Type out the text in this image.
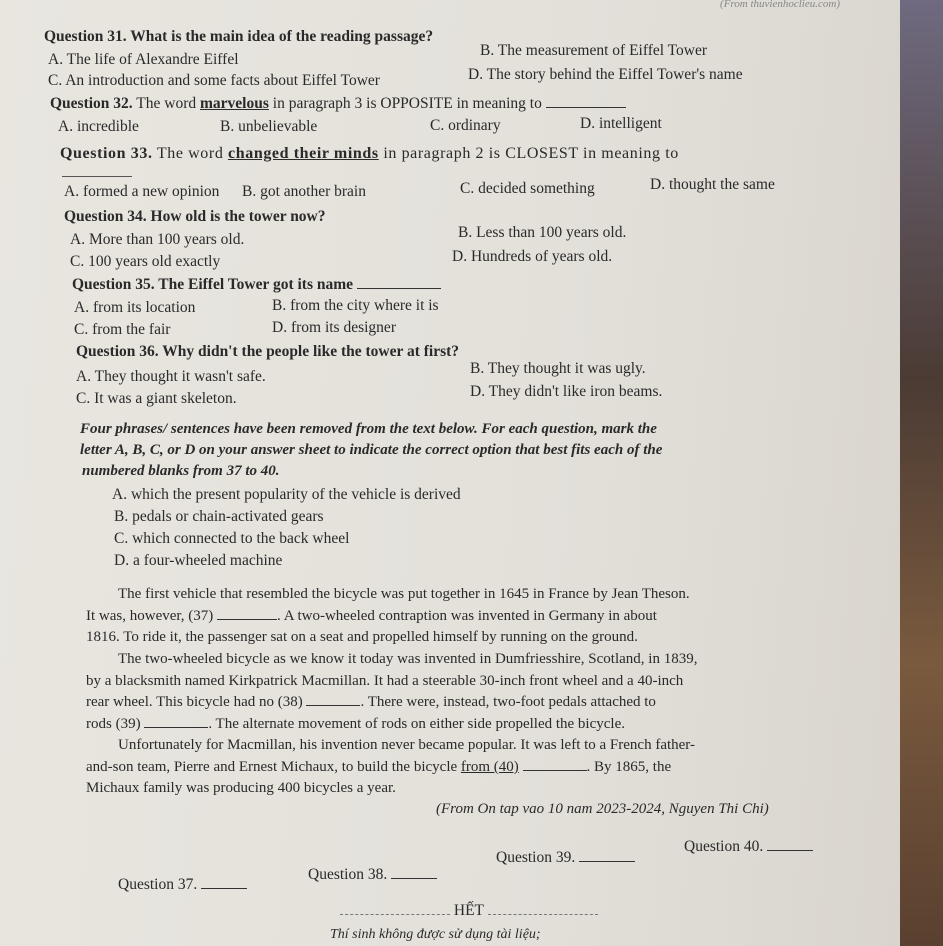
(From thuvienhoclieu.com)
Question 31. What is the main idea of the reading passage?
A. The life of Alexandre Eiffel
B. The measurement of Eiffel Tower
C. An introduction and some facts about Eiffel Tower	D. The story behind the Eiffel Tower's name
Question 32. The word marvelous in paragraph 3 is OPPOSITE in meaning to
A. incredible	B. unbelievable	C. ordinary	D. intelligent
Question 33. The word changed their minds in paragraph 2 is CLOSEST in meaning to
A. formed a new opinion B. got another brain	C. decided something	D. thought the same
Question 34. How old is the tower now?
A. More than 100 years old.	B. Less than 100 years old.
C. 100 years old exactly	D. Hundreds of years old.
Question 35. The Eiffel Tower got its name
A. from its location	B. from the city where it is
C. from the fair	D. from its designer
Question 36. Why didn't the people like the tower at first?
A. They thought it wasn't safe.	B. They thought it was ugly.
C. It was a giant skeleton.	D. They didn't like iron beams.
Four phrases/ sentences have been removed from the text below. For each question, mark the
letter A, B, C, or D on your answer sheet to indicate the correct option that best fits each of the
numbered blanks from 37 to 40.
A. which the present popularity of the vehicle is derived
B. pedals or chain-activated gears
C. which connected to the back wheel
D. a four-wheeled machine
The first vehicle that resembled the bicycle was put together in 1645 in France by Jean Theson.
It was, however, (37)	. A two-wheeled contraption was invented in Germany in about
1816. To ride it, the passenger sat on a seat and propelled himself by running on the ground.
The two-wheeled bicycle as we know it today was invented in Dumfriesshire, Scotland, in 1839,
by a blacksmith named Kirkpatrick Macmillan. It had a steerable 30-inch front wheel and a 40-inch
rear wheel. This bicycle had no (38)	. There were, instead, two-foot pedals attached to
rods (39)	. The alternate movement of rods on either side propelled the bicycle.
Unfortunately for Macmillan, his invention never became popular. It was left to a French father-
and-son team, Pierre and Ernest Michaux, to build the bicycle from (40)	. By 1865, the
Michaux family was producing 400 bicycles a year.
(From On tap vao 10 nam 2023-2024, Nguyen Thi Chi)
Question 37.
Question 38.
Question 39.
Question 40.
HẾT
Thí sinh không được sử dụng tài liệu;
